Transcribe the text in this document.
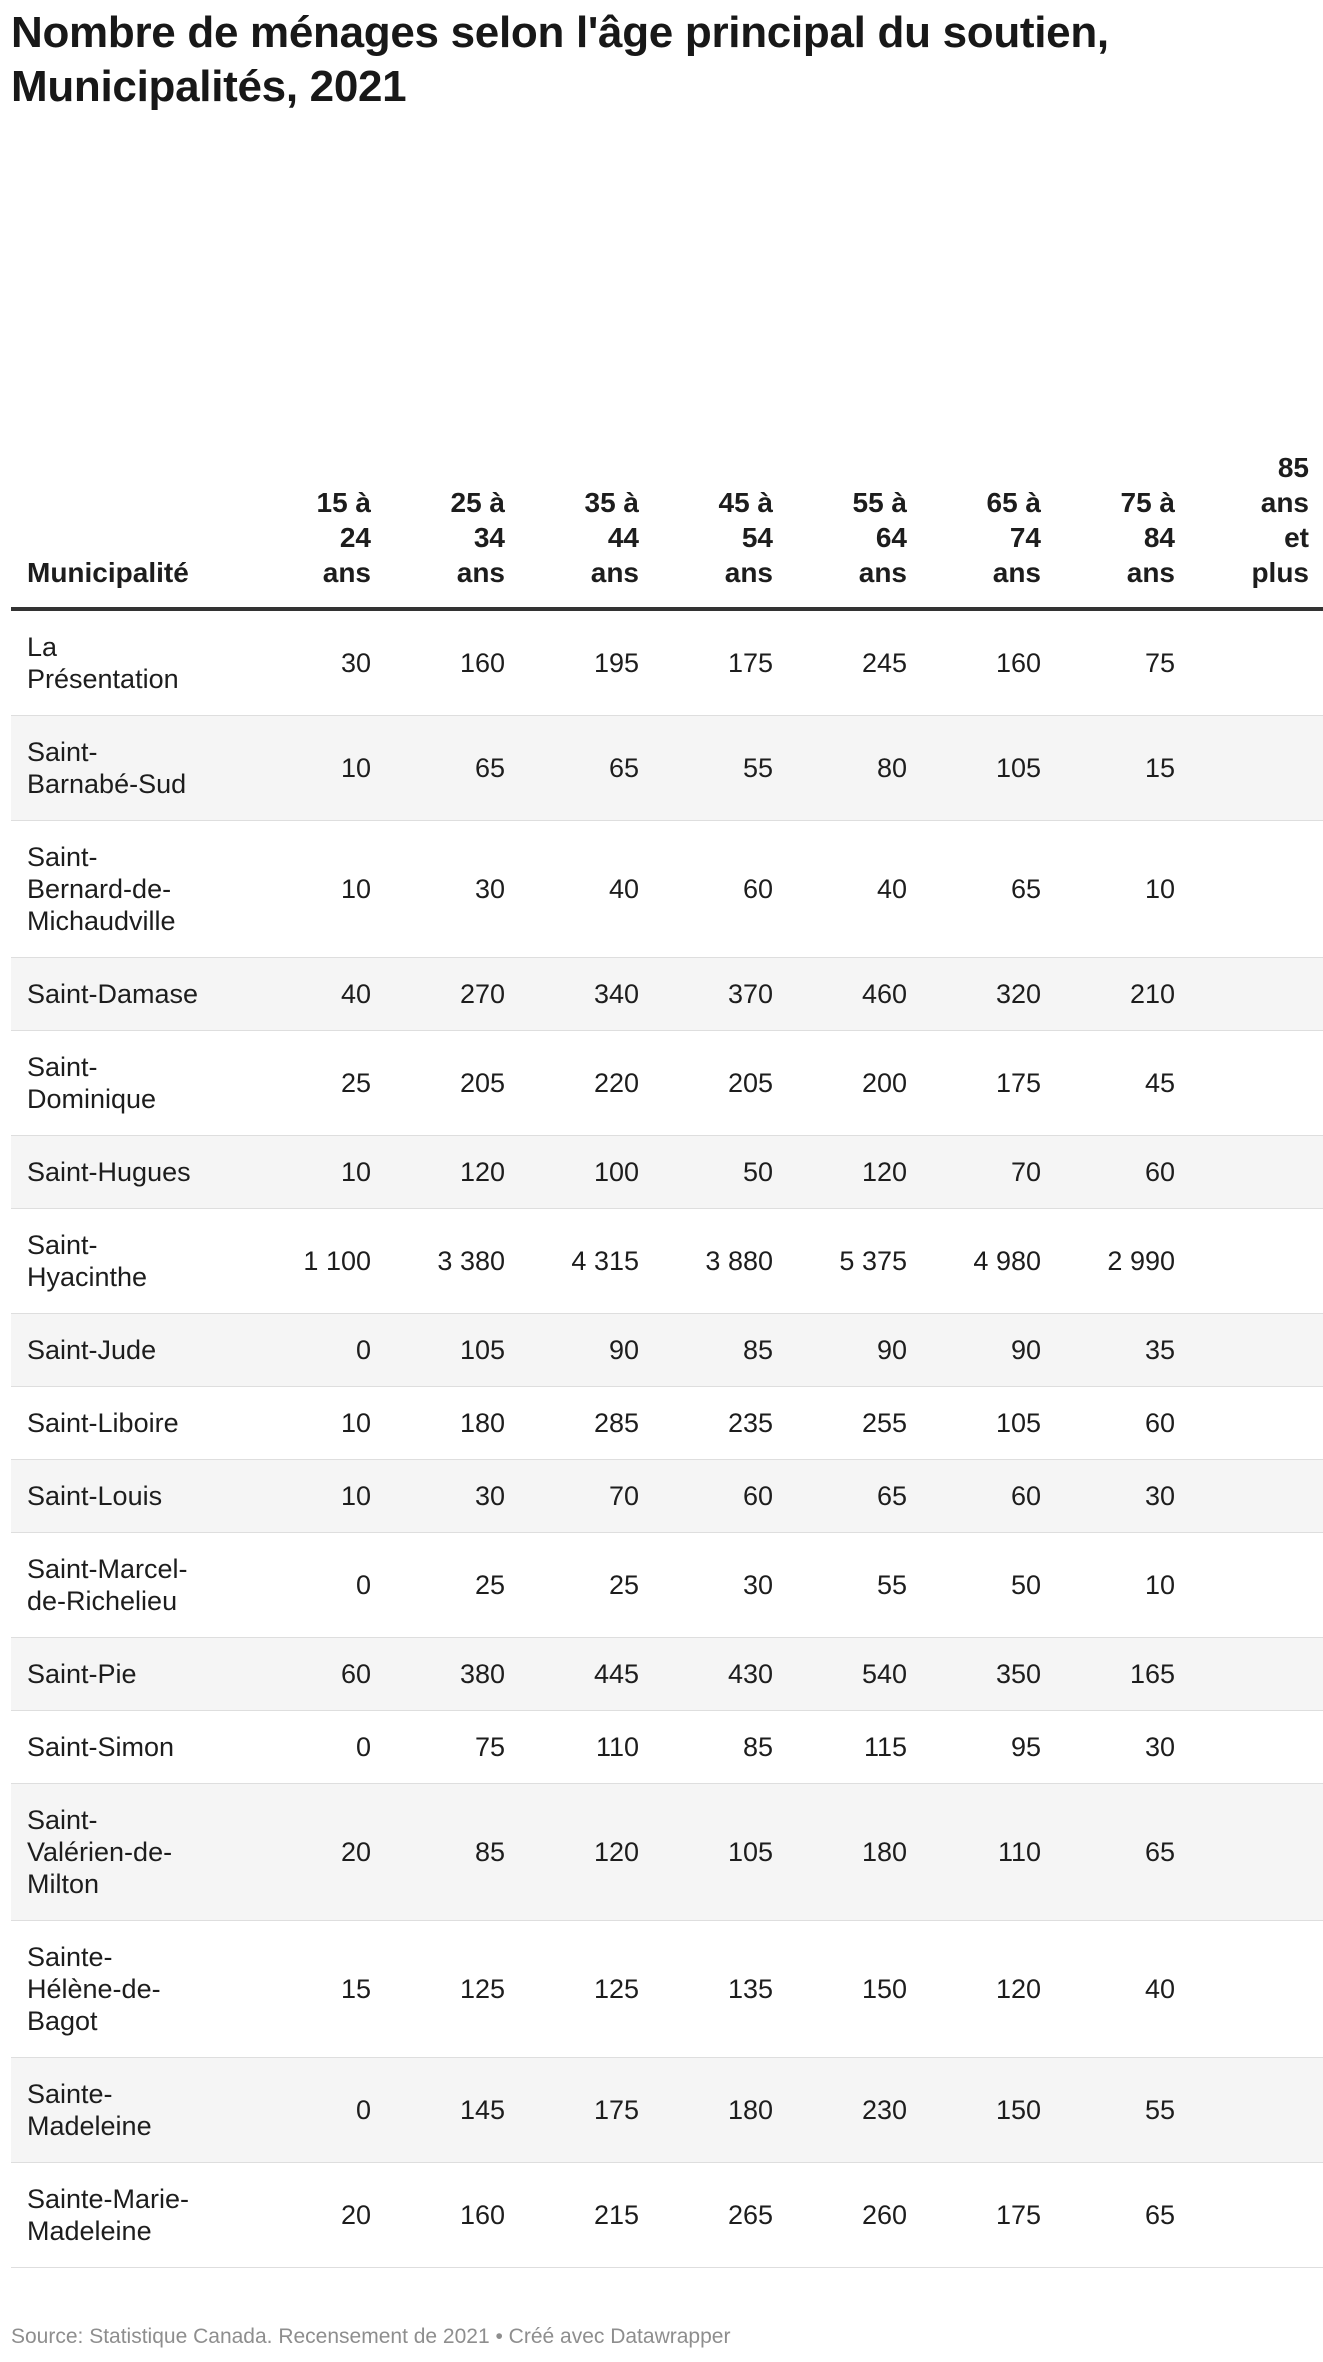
Nombre de ménages selon l'âge principal du soutien, Municipalités, 2021
Municipalité	15 à 24 ans	25 à 34 ans	35 à 44 ans	45 à 54 ans	55 à 64 ans	65 à 74 ans	75 à 84 ans	85 ans et plus
La Présentation	30	160	195	175	245	160	75	
Saint-Barnabé-Sud	10	65	65	55	80	105	15	
Saint-Bernard-de-Michaudville	10	30	40	60	40	65	10	
Saint-Damase	40	270	340	370	460	320	210	
Saint-Dominique	25	205	220	205	200	175	45	
Saint-Hugues	10	120	100	50	120	70	60	
Saint-Hyacinthe	1 100	3 380	4 315	3 880	5 375	4 980	2 990	
Saint-Jude	0	105	90	85	90	90	35	
Saint-Liboire	10	180	285	235	255	105	60	
Saint-Louis	10	30	70	60	65	60	30	
Saint-Marcel-de-Richelieu	0	25	25	30	55	50	10	
Saint-Pie	60	380	445	430	540	350	165	
Saint-Simon	0	75	110	85	115	95	30	
Saint-Valérien-de-Milton	20	85	120	105	180	110	65	
Sainte-Hélène-de-Bagot	15	125	125	135	150	120	40	
Sainte-Madeleine	0	145	175	180	230	150	55	
Sainte-Marie-Madeleine	20	160	215	265	260	175	65	
Source: Statistique Canada. Recensement de 2021 • Créé avec Datawrapper
